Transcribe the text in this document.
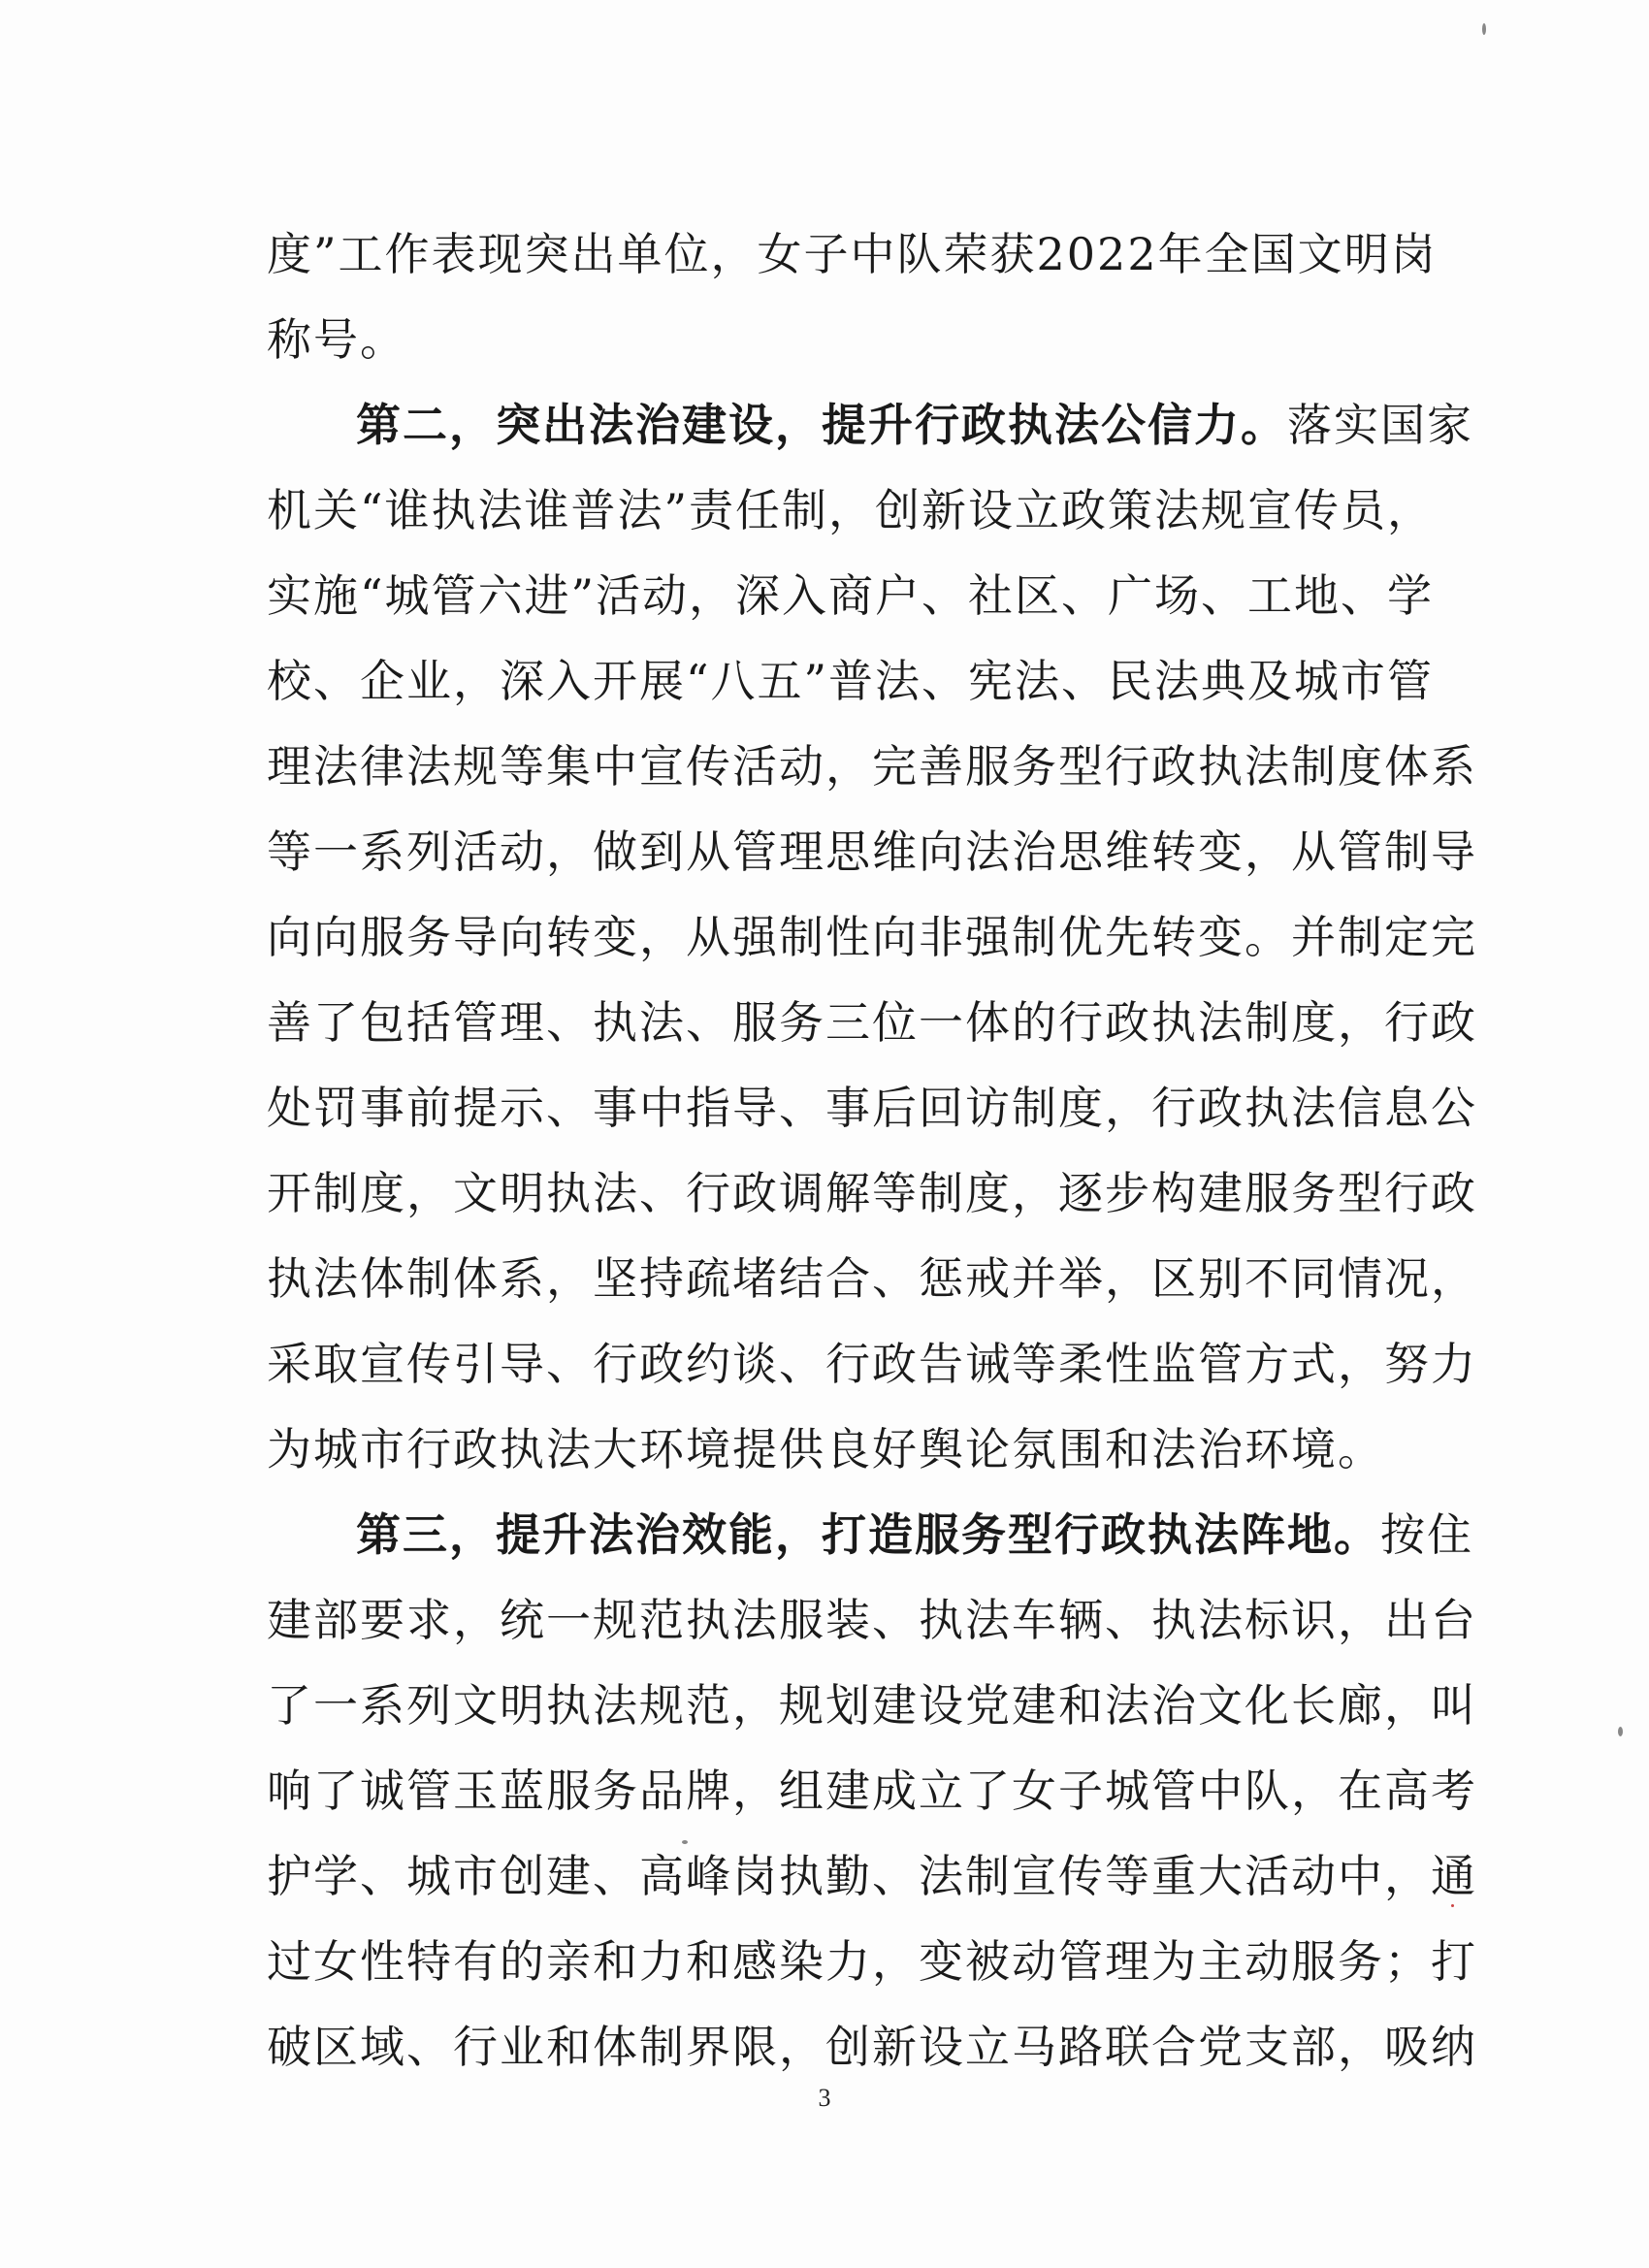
度”工作表现突出单位，女子中队荣获2022年全国文明岗
称号。
第二，突出法治建设，提升行政执法公信力。落实国家
机关“谁执法谁普法”责任制，创新设立政策法规宣传员，
实施“城管六进”活动，深入商户、社区、广场、工地、学
校、企业，深入开展“八五”普法、宪法、民法典及城市管
理法律法规等集中宣传活动，完善服务型行政执法制度体系
等一系列活动，做到从管理思维向法治思维转变，从管制导
向向服务导向转变，从强制性向非强制优先转变。并制定完
善了包括管理、执法、服务三位一体的行政执法制度，行政
处罚事前提示、事中指导、事后回访制度，行政执法信息公
开制度，文明执法、行政调解等制度，逐步构建服务型行政
执法体制体系，坚持疏堵结合、惩戒并举，区别不同情况，
采取宣传引导、行政约谈、行政告诫等柔性监管方式，努力
为城市行政执法大环境提供良好舆论氛围和法治环境。
第三，提升法治效能，打造服务型行政执法阵地。按住
建部要求，统一规范执法服装、执法车辆、执法标识，出台
了一系列文明执法规范，规划建设党建和法治文化长廊，叫
响了诚管玉蓝服务品牌，组建成立了女子城管中队，在高考
护学、城市创建、高峰岗执勤、法制宣传等重大活动中，通
过女性特有的亲和力和感染力，变被动管理为主动服务；打
破区域、行业和体制界限，创新设立马路联合党支部，吸纳
3
